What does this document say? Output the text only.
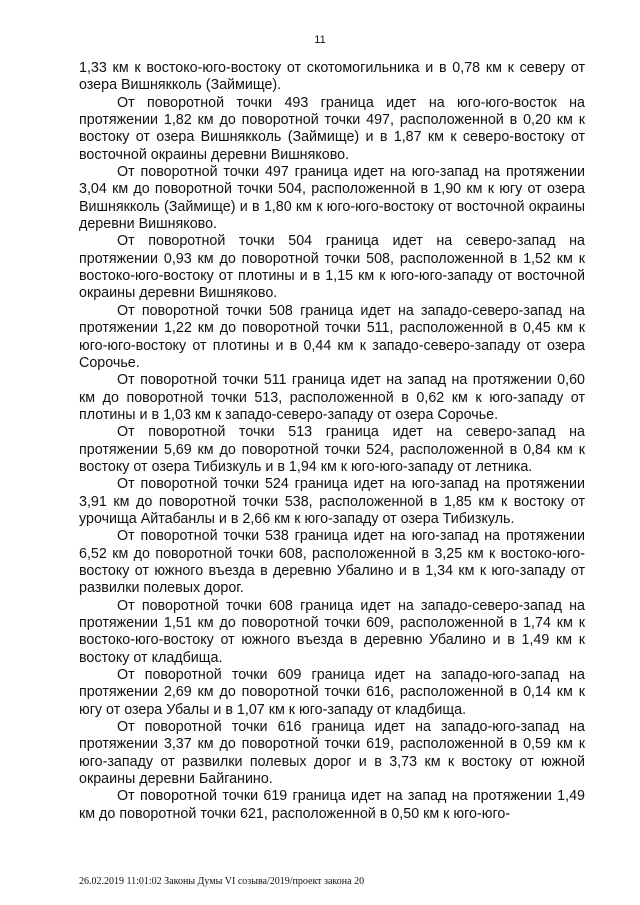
11

1,33 км к востоко-юго-востоку от скотомогильника и в 0,78 км к северу от озера Вишнякколь (Займище).

От поворотной точки 493 граница идет на юго-юго-восток на протяжении 1,82 км до поворотной точки 497, расположенной в 0,20 км к востоку от озера Вишнякколь (Займище) и в 1,87 км к северо-востоку от восточной окраины деревни Вишняково.

От поворотной точки 497 граница идет на юго-запад на протяжении 3,04 км до поворотной точки 504, расположенной в 1,90 км к югу от озера Вишнякколь (Займище) и в 1,80 км к юго-юго-востоку от восточной окраины деревни Вишняково.

От поворотной точки 504 граница идет на северо-запад на протяжении 0,93 км до поворотной точки 508, расположенной в 1,52 км к востоко-юго-востоку от плотины и в 1,15 км к юго-юго-западу от восточной окраины деревни Вишняково.

От поворотной точки 508 граница идет на западо-северо-запад на протяжении 1,22 км до поворотной точки 511, расположенной в 0,45 км к юго-юго-востоку от плотины и в 0,44 км к западо-северо-западу от озера Сорочье.

От поворотной точки 511 граница идет на запад на протяжении 0,60 км до поворотной точки 513, расположенной в 0,62 км к юго-западу от плотины и в 1,03 км к западо-северо-западу от озера Сорочье.

От поворотной точки 513 граница идет на северо-запад на протяжении 5,69 км до поворотной точки 524, расположенной в 0,84 км к востоку от озера Тибизкуль и в 1,94 км к юго-юго-западу от летника.

От поворотной точки 524 граница идет на юго-запад на протяжении 3,91 км до поворотной точки 538, расположенной в 1,85 км к востоку от урочища Айтабанлы и в 2,66 км к юго-западу от озера Тибизкуль.

От поворотной точки 538 граница идет на юго-запад на протяжении 6,52 км до поворотной точки 608, расположенной в 3,25 км к востоко-юго-востоку от южного въезда в деревню Убалино и в 1,34 км к юго-западу от развилки полевых дорог.

От поворотной точки 608 граница идет на западо-северо-запад на протяжении 1,51 км до поворотной точки 609, расположенной в 1,74 км к востоко-юго-востоку от южного въезда в деревню Убалино и в 1,49 км к востоку от кладбища.

От поворотной точки 609 граница идет на западо-юго-запад на протяжении 2,69 км до поворотной точки 616, расположенной в 0,14 км к югу от озера Убалы и в 1,07 км к юго-западу от кладбища.

От поворотной точки 616 граница идет на западо-юго-запад на протяжении 3,37 км до поворотной точки 619, расположенной в 0,59 км к юго-западу от развилки полевых дорог и в 3,73 км к востоку от южной окраины деревни Байганино.

От поворотной точки 619 граница идет на запад на протяжении 1,49 км до поворотной точки 621, расположенной в 0,50 км к юго-юго-

26.02.2019 11:01:02 Законы Думы VI созыва/2019/проект закона 20
